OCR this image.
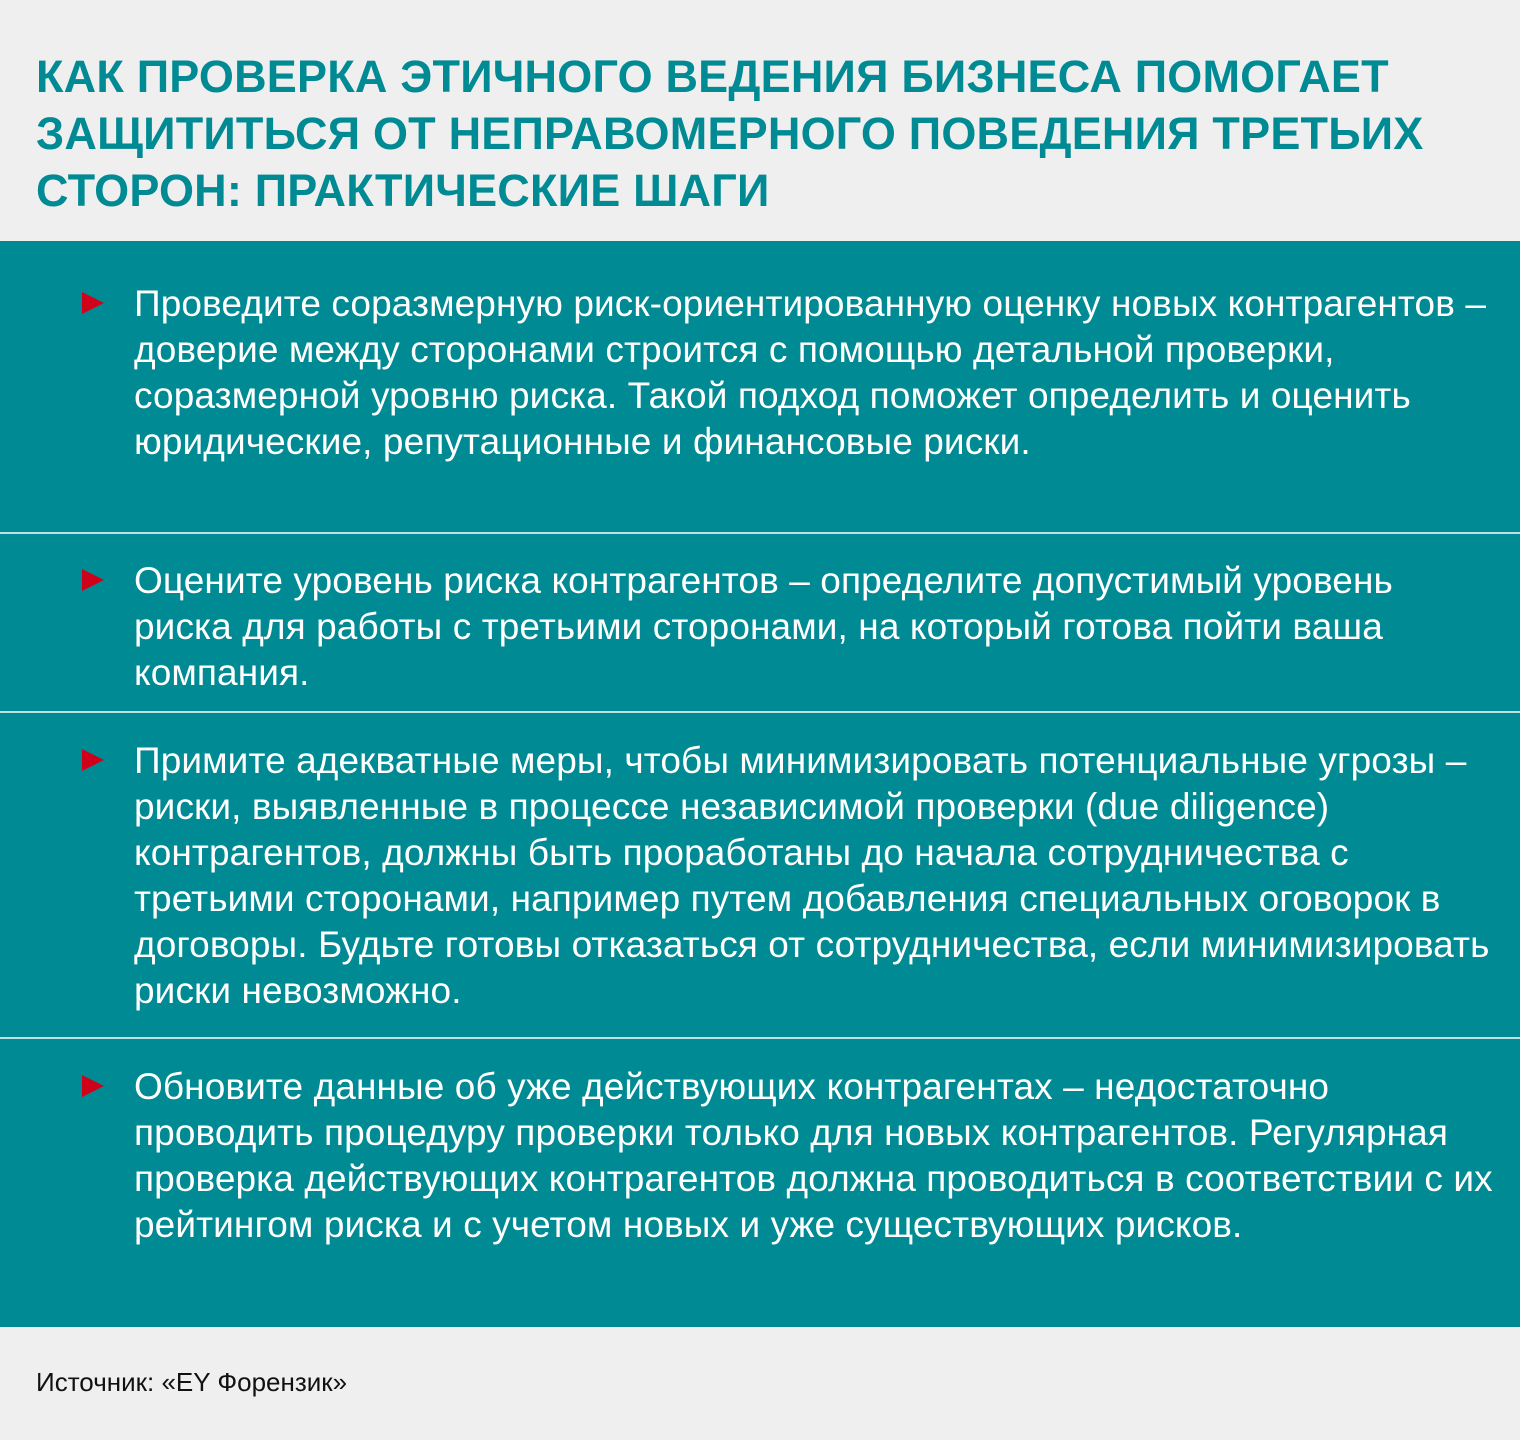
КАК ПРОВЕРКА ЭТИЧНОГО ВЕДЕНИЯ БИЗНЕСА ПОМОГАЕТ ЗАЩИТИТЬСЯ ОТ НЕПРАВОМЕРНОГО ПОВЕДЕНИЯ ТРЕТЬИХ СТОРОН: ПРАКТИЧЕСКИЕ ШАГИ

Проведите соразмерную риск-ориентированную оценку новых контрагентов – доверие между сторонами строится с помощью детальной проверки, соразмерной уровню риска. Такой подход поможет определить и оценить юридические, репутационные и финансовые риски.

Оцените уровень риска контрагентов – определите допустимый уровень риска для работы с третьими сторонами, на который готова пойти ваша компания.

Примите адекватные меры, чтобы минимизировать потенциальные угрозы – риски, выявленные в процессе независимой проверки (due diligence) контрагентов, должны быть проработаны до начала сотрудничества с третьими сторонами, например путем добавления специальных оговорок в договоры. Будьте готовы отказаться от сотрудничества, если минимизировать риски невозможно.

Обновите данные об уже действующих контрагентах – недостаточно проводить процедуру проверки только для новых контрагентов. Регулярная проверка действующих контрагентов должна проводиться в соответствии с их рейтингом риска и с учетом новых и уже существующих рисков.

Источник: «EY Форензик»
